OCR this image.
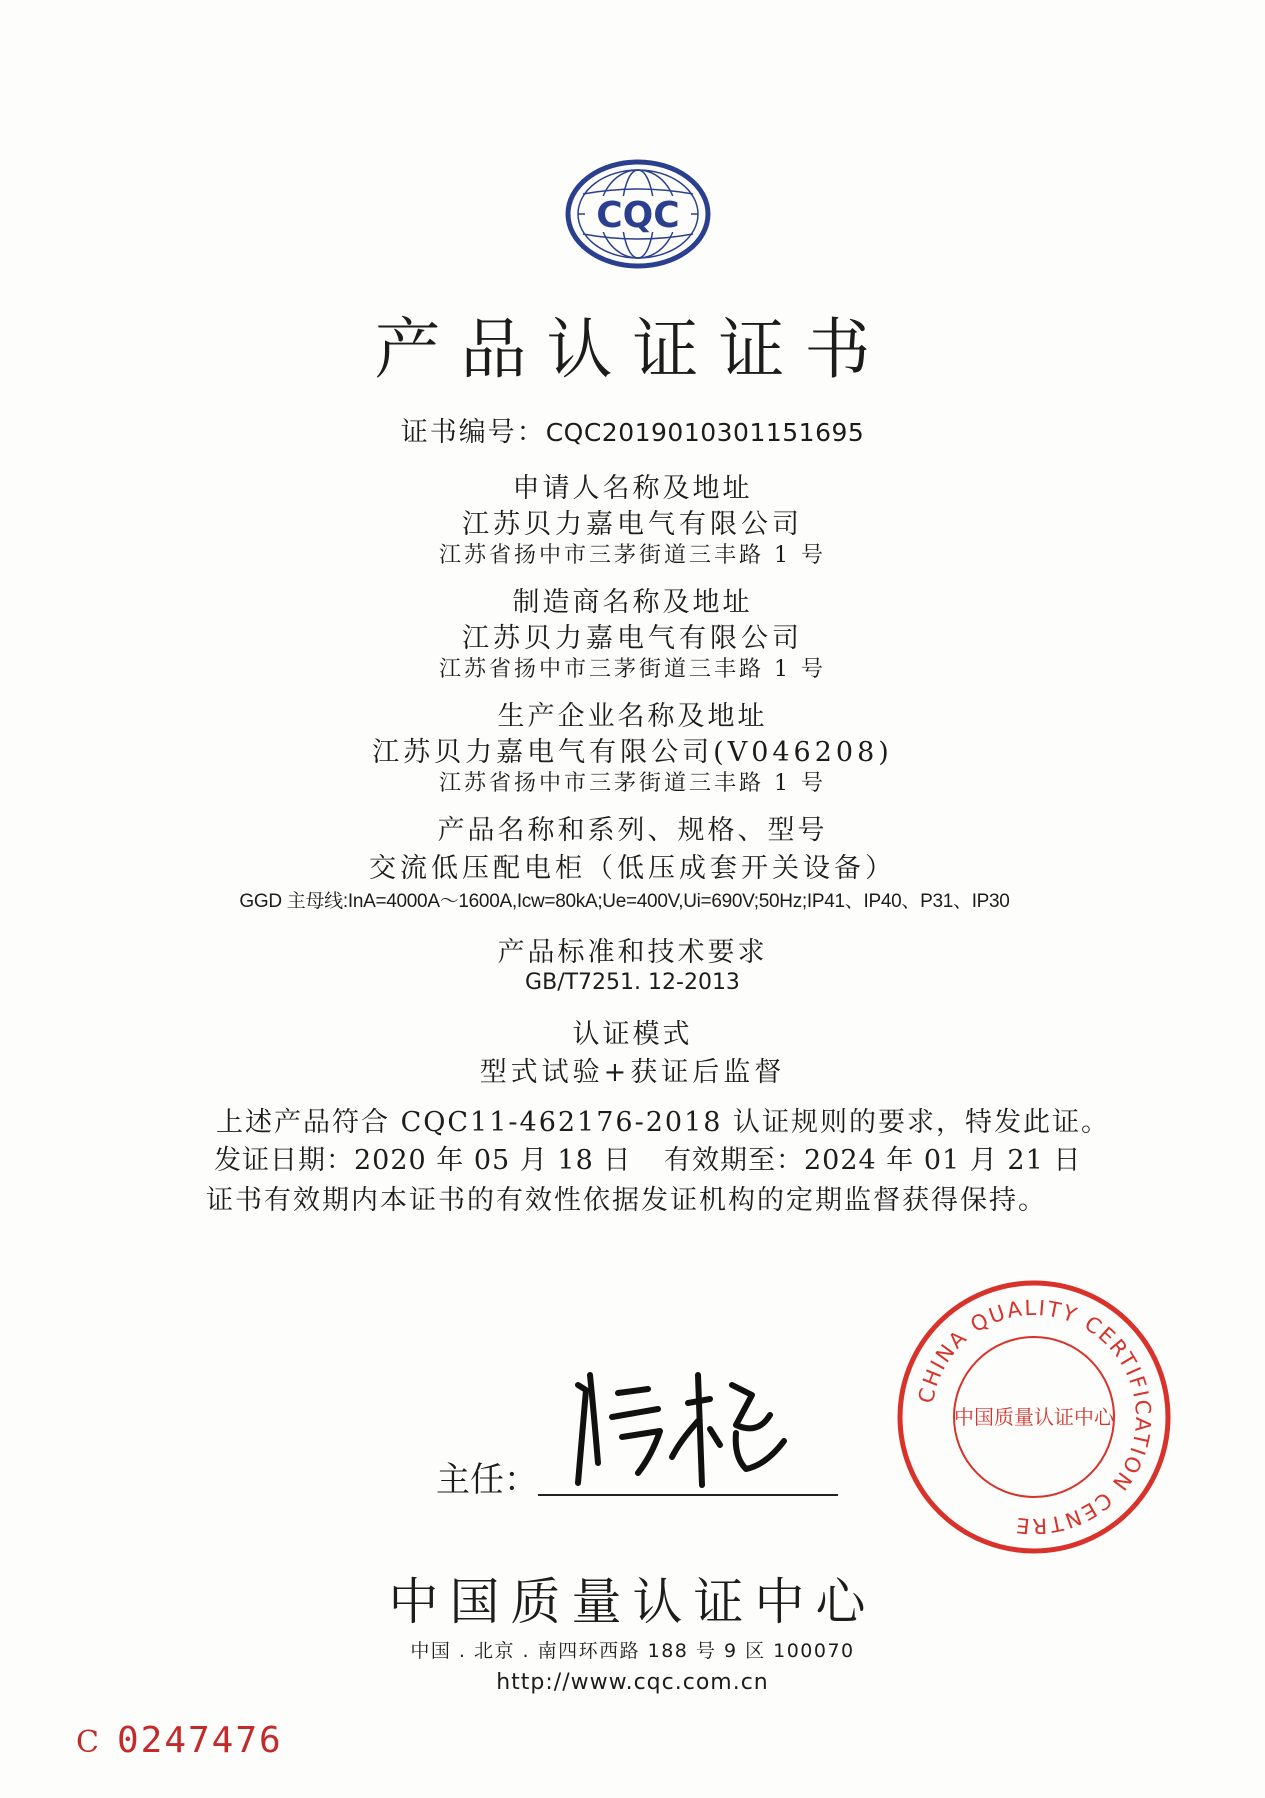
CQC
产品认证证书
证书编号：CQC2019010301151695
申请人名称及地址
江苏贝力嘉电气有限公司
江苏省扬中市三茅街道三丰路 1 号
制造商名称及地址
江苏贝力嘉电气有限公司
江苏省扬中市三茅街道三丰路 1 号
生产企业名称及地址
江苏贝力嘉电气有限公司(V046208)
江苏省扬中市三茅街道三丰路 1 号
产品名称和系列、规格、型号
交流低压配电柜（低压成套开关设备）
GGD 主母线:InA=4000A～1600A,Icw=80kA;Ue=400V,Ui=690V;50Hz;IP41、IP40、P31、IP30
产品标准和技术要求
GB/T7251. 12-2013
认证模式
型式试验+获证后监督
上述产品符合 CQC11-462176-2018 认证规则的要求，特发此证。
发证日期：2020 年 05 月 18 日 有效期至：2024 年 01 月 21 日
证书有效期内本证书的有效性依据发证机构的定期监督获得保持。
主任：
CHINA QUALITY CERTIFICATION CENTRE
中国质量认证中心
中国质量认证中心
中国 . 北京 . 南四环西路 188 号 9 区 100070
http://www.cqc.com.cn
C 0247476
